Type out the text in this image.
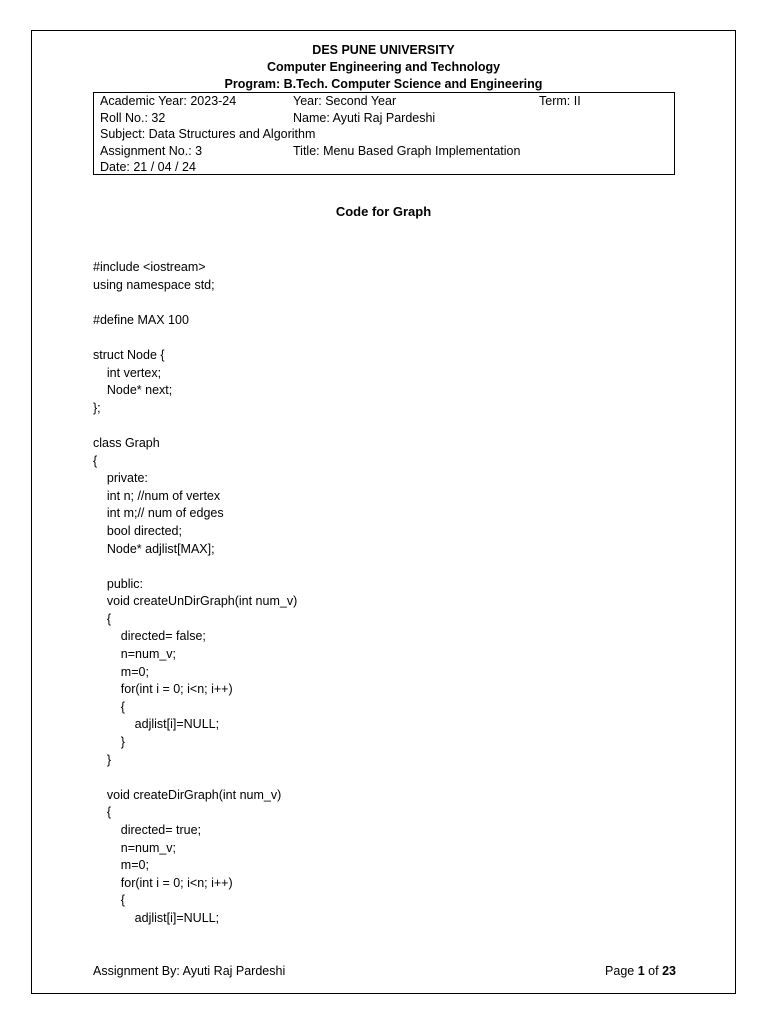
DES PUNE UNIVERSITY
Computer Engineering and Technology
Program: B.Tech. Computer Science and Engineering
Academic Year: 2023-24	Year: Second Year	Term: II
Roll No.: 32	Name: Ayuti Raj Pardeshi
Subject: Data Structures and Algorithm
Assignment No.: 3	Title: Menu Based Graph Implementation
Date: 21 / 04 / 24
Code for Graph
#include <iostream>
using namespace std;
#define MAX 100
struct Node {
int vertex;
Node* next;
};
class Graph
{
private:
int n; //num of vertex
int m;// num of edges
bool directed;
Node* adjlist[MAX];
public:
void createUnDirGraph(int num_v)
{
directed= false;
n=num_v;
m=0;
for(int i = 0; i<n; i++)
{
adjlist[i]=NULL;
}
}
void createDirGraph(int num_v)
{
directed= true;
n=num_v;
m=0;
for(int i = 0; i<n; i++)
{
adjlist[i]=NULL;
Assignment By: Ayuti Raj Pardeshi	Page 1 of 23
